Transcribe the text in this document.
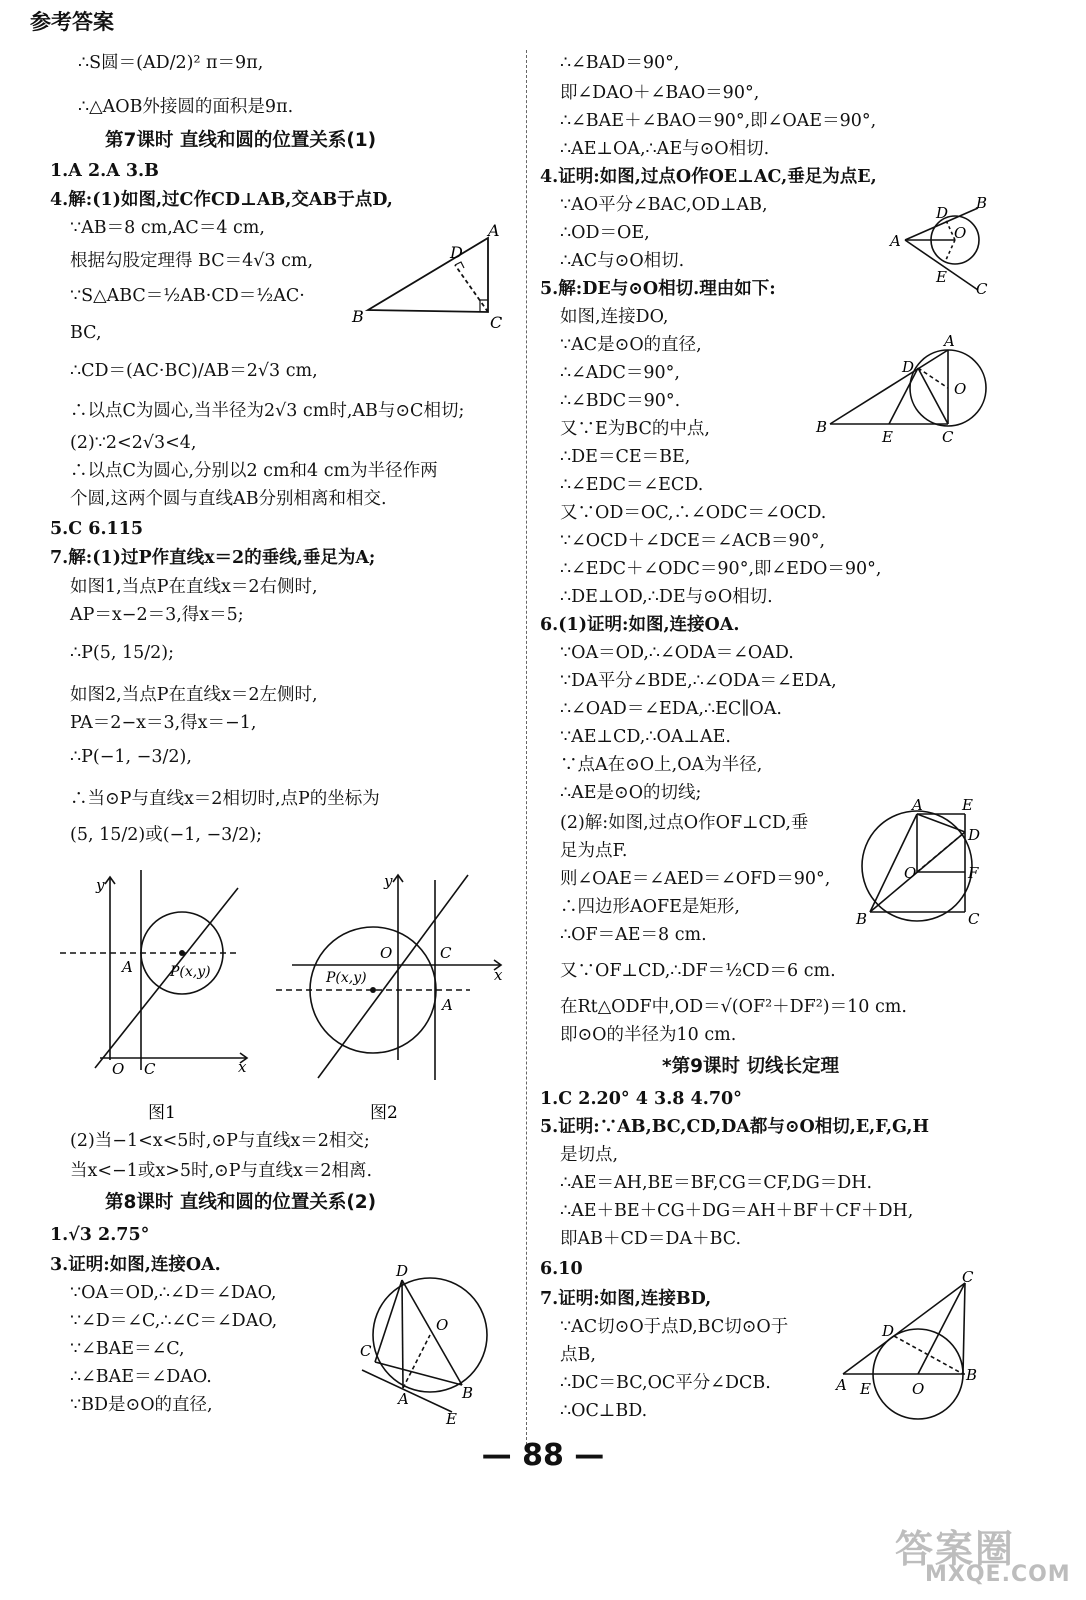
参考答案
∴S圆＝(AD/2)² π＝9π,
∴△AOB外接圆的面积是9π.
第7课时 直线和圆的位置关系(1)
1.A 2.A 3.B
4.解:(1)如图,过C作CD⊥AB,交AB于点D,
∵AB＝8 cm,AC＝4 cm,
根据勾股定理得 BC＝4√3 cm,
∵S△ABC＝½AB·CD＝½AC·
BC,
∴CD＝(AC·BC)/AB＝2√3 cm,
∴以点C为圆心,当半径为2√3 cm时,AB与⊙C相切;
(2)∵2<2√3<4,
∴以点C为圆心,分别以2 cm和4 cm为半径作两
个圆,这两个圆与直线AB分别相离和相交.
5.C 6.115
7.解:(1)过P作直线x＝2的垂线,垂足为A;
如图1,当点P在直线x＝2右侧时,
AP＝x−2＝3,得x＝5;
∴P(5, 15/2);
如图2,当点P在直线x＝2左侧时,
PA＝2−x＝3,得x＝−1,
∴P(−1, −3/2),
∴当⊙P与直线x＝2相切时,点P的坐标为
(5, 15/2)或(−1, −3/2);
(2)当−1<x<5时,⊙P与直线x＝2相交;
当x<−1或x>5时,⊙P与直线x＝2相离.
第8课时 直线和圆的位置关系(2)
1.√3 2.75°
3.证明:如图,连接OA.
∵OA＝OD,∴∠D＝∠DAO,
∵∠D＝∠C,∴∠C＝∠DAO,
∵∠BAE＝∠C,
∴∠BAE＝∠DAO.
∵BD是⊙O的直径,
∴∠BAD＝90°,
即∠DAO＋∠BAO＝90°,
∴∠BAE＋∠BAO＝90°,即∠OAE＝90°,
∴AE⊥OA,∴AE与⊙O相切.
4.证明:如图,过点O作OE⊥AC,垂足为点E,
∵AO平分∠BAC,OD⊥AB,
∴OD＝OE,
∴AC与⊙O相切.
5.解:DE与⊙O相切.理由如下:
如图,连接DO,
∵AC是⊙O的直径,
∴∠ADC＝90°,
∴∠BDC＝90°.
又∵E为BC的中点,
∴DE＝CE＝BE,
∴∠EDC＝∠ECD.
又∵OD＝OC,∴∠ODC＝∠OCD.
∵∠OCD＋∠DCE＝∠ACB＝90°,
∴∠EDC＋∠ODC＝90°,即∠EDO＝90°,
∴DE⊥OD,∴DE与⊙O相切.
6.(1)证明:如图,连接OA.
∵OA＝OD,∴∠ODA＝∠OAD.
∵DA平分∠BDE,∴∠ODA＝∠EDA,
∴∠OAD＝∠EDA,∴EC∥OA.
∵AE⊥CD,∴OA⊥AE.
∵点A在⊙O上,OA为半径,
∴AE是⊙O的切线;
(2)解:如图,过点O作OF⊥CD,垂
足为点F.
则∠OAE＝∠AED＝∠OFD＝90°,
∴四边形AOFE是矩形,
∴OF＝AE＝8 cm.
又∵OF⊥CD,∴DF＝½CD＝6 cm.
在Rt△ODF中,OD＝√(OF²＋DF²)＝10 cm.
即⊙O的半径为10 cm.
*第9课时 切线长定理
1.C 2.20° 4 3.8 4.70°
5.证明:∵AB,BC,CD,DA都与⊙O相切,E,F,G,H
是切点,
∴AE＝AH,BE＝BF,CG＝CF,DG＝DH.
∴AE＋BE＋CG＋DG＝AH＋BF＋CF＋DH,
即AB＋CD＝DA＋BC.
6.10
7.证明:如图,连接BD,
∵AC切⊙O于点D,BC切⊙O于
点B,
∴DC＝BC,OC平分∠DCB.
∴OC⊥BD.
A
B	C
D
y
x
O C
A	P(x,y)
图1
y
x
O	C
A
P(x,y)
图2
D
O
C
A	B
E
A
B
C
D
E
O
A
B
C
D
E
O
A
B	C
D
E
F
O
A
B
C
D
E	O
— 88 —
答案圈
MXQE.COM
